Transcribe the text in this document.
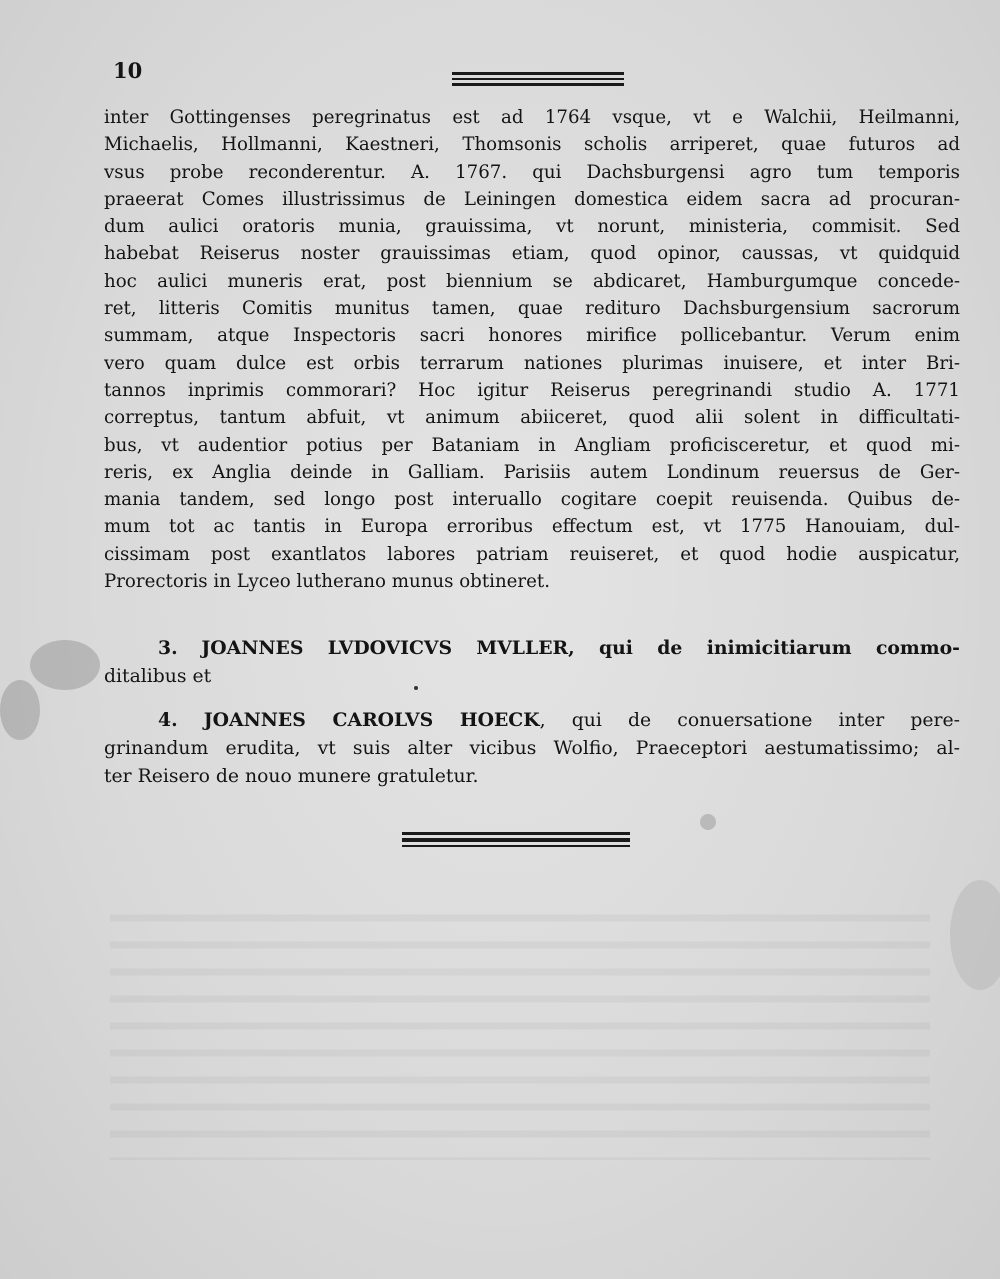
10
inter Gottingenses peregrinatus est ad 1764 vsque, vt e Walchii, Heilmanni,
Michaelis, Hollmanni, Kaestneri, Thomsonis scholis arriperet, quae futuros ad
vsus probe reconderentur. A. 1767. qui Dachsburgensi agro tum temporis
praeerat Comes illustrissimus de Leiningen domestica eidem sacra ad procuran-
dum aulici oratoris munia, grauissima, vt norunt, ministeria, commisit. Sed
habebat Reiserus noster grauissimas etiam, quod opinor, caussas, vt quidquid
hoc aulici muneris erat, post biennium se abdicaret, Hamburgumque concede-
ret, litteris Comitis munitus tamen, quae redituro Dachsburgensium sacrorum
summam, atque Inspectoris sacri honores mirifice pollicebantur. Verum enim
vero quam dulce est orbis terrarum nationes plurimas inuisere, et inter Bri-
tannos inprimis commorari? Hoc igitur Reiserus peregrinandi studio A. 1771
correptus, tantum abfuit, vt animum abiiceret, quod alii solent in difficultati-
bus, vt audentior potius per Bataniam in Angliam proficisceretur, et quod mi-
reris, ex Anglia deinde in Galliam. Parisiis autem Londinum reuersus de Ger-
mania tandem, sed longo post interuallo cogitare coepit reuisenda. Quibus de-
mum tot ac tantis in Europa erroribus effectum est, vt 1775 Hanouiam, dul-
cissimam post exantlatos labores patriam reuiseret, et quod hodie auspicatur,
Prorectoris in Lyceo lutherano munus obtineret.
3. JOANNES LVDOVICVS MVLLER, qui de inimicitiarum commo-
ditalibus et
4. JOANNES CAROLVS HOECK, qui de conuersatione inter pere-
grinandum erudita, vt suis alter vicibus Wolfio, Praeceptori aestumatissimo; al-
ter Reisero de nouo munere gratuletur.
